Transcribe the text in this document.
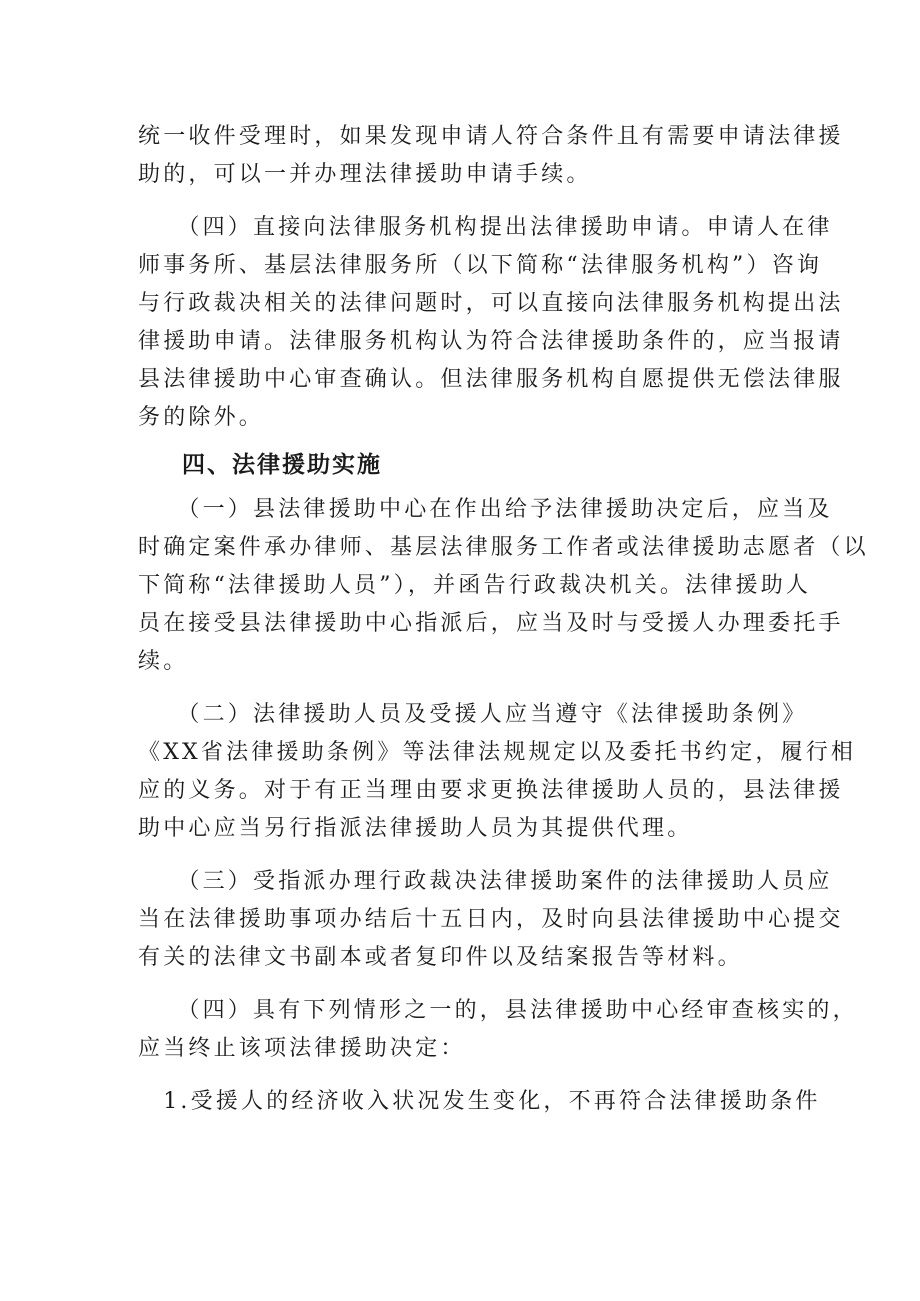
统一收件受理时，如果发现申请人符合条件且有需要申请法律援
助的，可以一并办理法律援助申请手续。
　　（四）直接向法律服务机构提出法律援助申请。申请人在律
师事务所、基层法律服务所（以下简称“法律服务机构”）咨询
与行政裁决相关的法律问题时，可以直接向法律服务机构提出法
律援助申请。法律服务机构认为符合法律援助条件的，应当报请
县法律援助中心审查确认。但法律服务机构自愿提供无偿法律服
务的除外。
四、法律援助实施
　　（一）县法律援助中心在作出给予法律援助决定后，应当及
时确定案件承办律师、基层法律服务工作者或法律援助志愿者（以
下简称“法律援助人员”），并函告行政裁决机关。法律援助人
员在接受县法律援助中心指派后，应当及时与受援人办理委托手
续。
　　（二）法律援助人员及受援人应当遵守《法律援助条例》
《XX省法律援助条例》等法律法规规定以及委托书约定，履行相
应的义务。对于有正当理由要求更换法律援助人员的，县法律援
助中心应当另行指派法律援助人员为其提供代理。
　　（三）受指派办理行政裁决法律援助案件的法律援助人员应
当在法律援助事项办结后十五日内，及时向县法律援助中心提交
有关的法律文书副本或者复印件以及结案报告等材料。
　　（四）具有下列情形之一的，县法律援助中心经审查核实的，
应当终止该项法律援助决定：
　1.受援人的经济收入状况发生变化，不再符合法律援助条件
